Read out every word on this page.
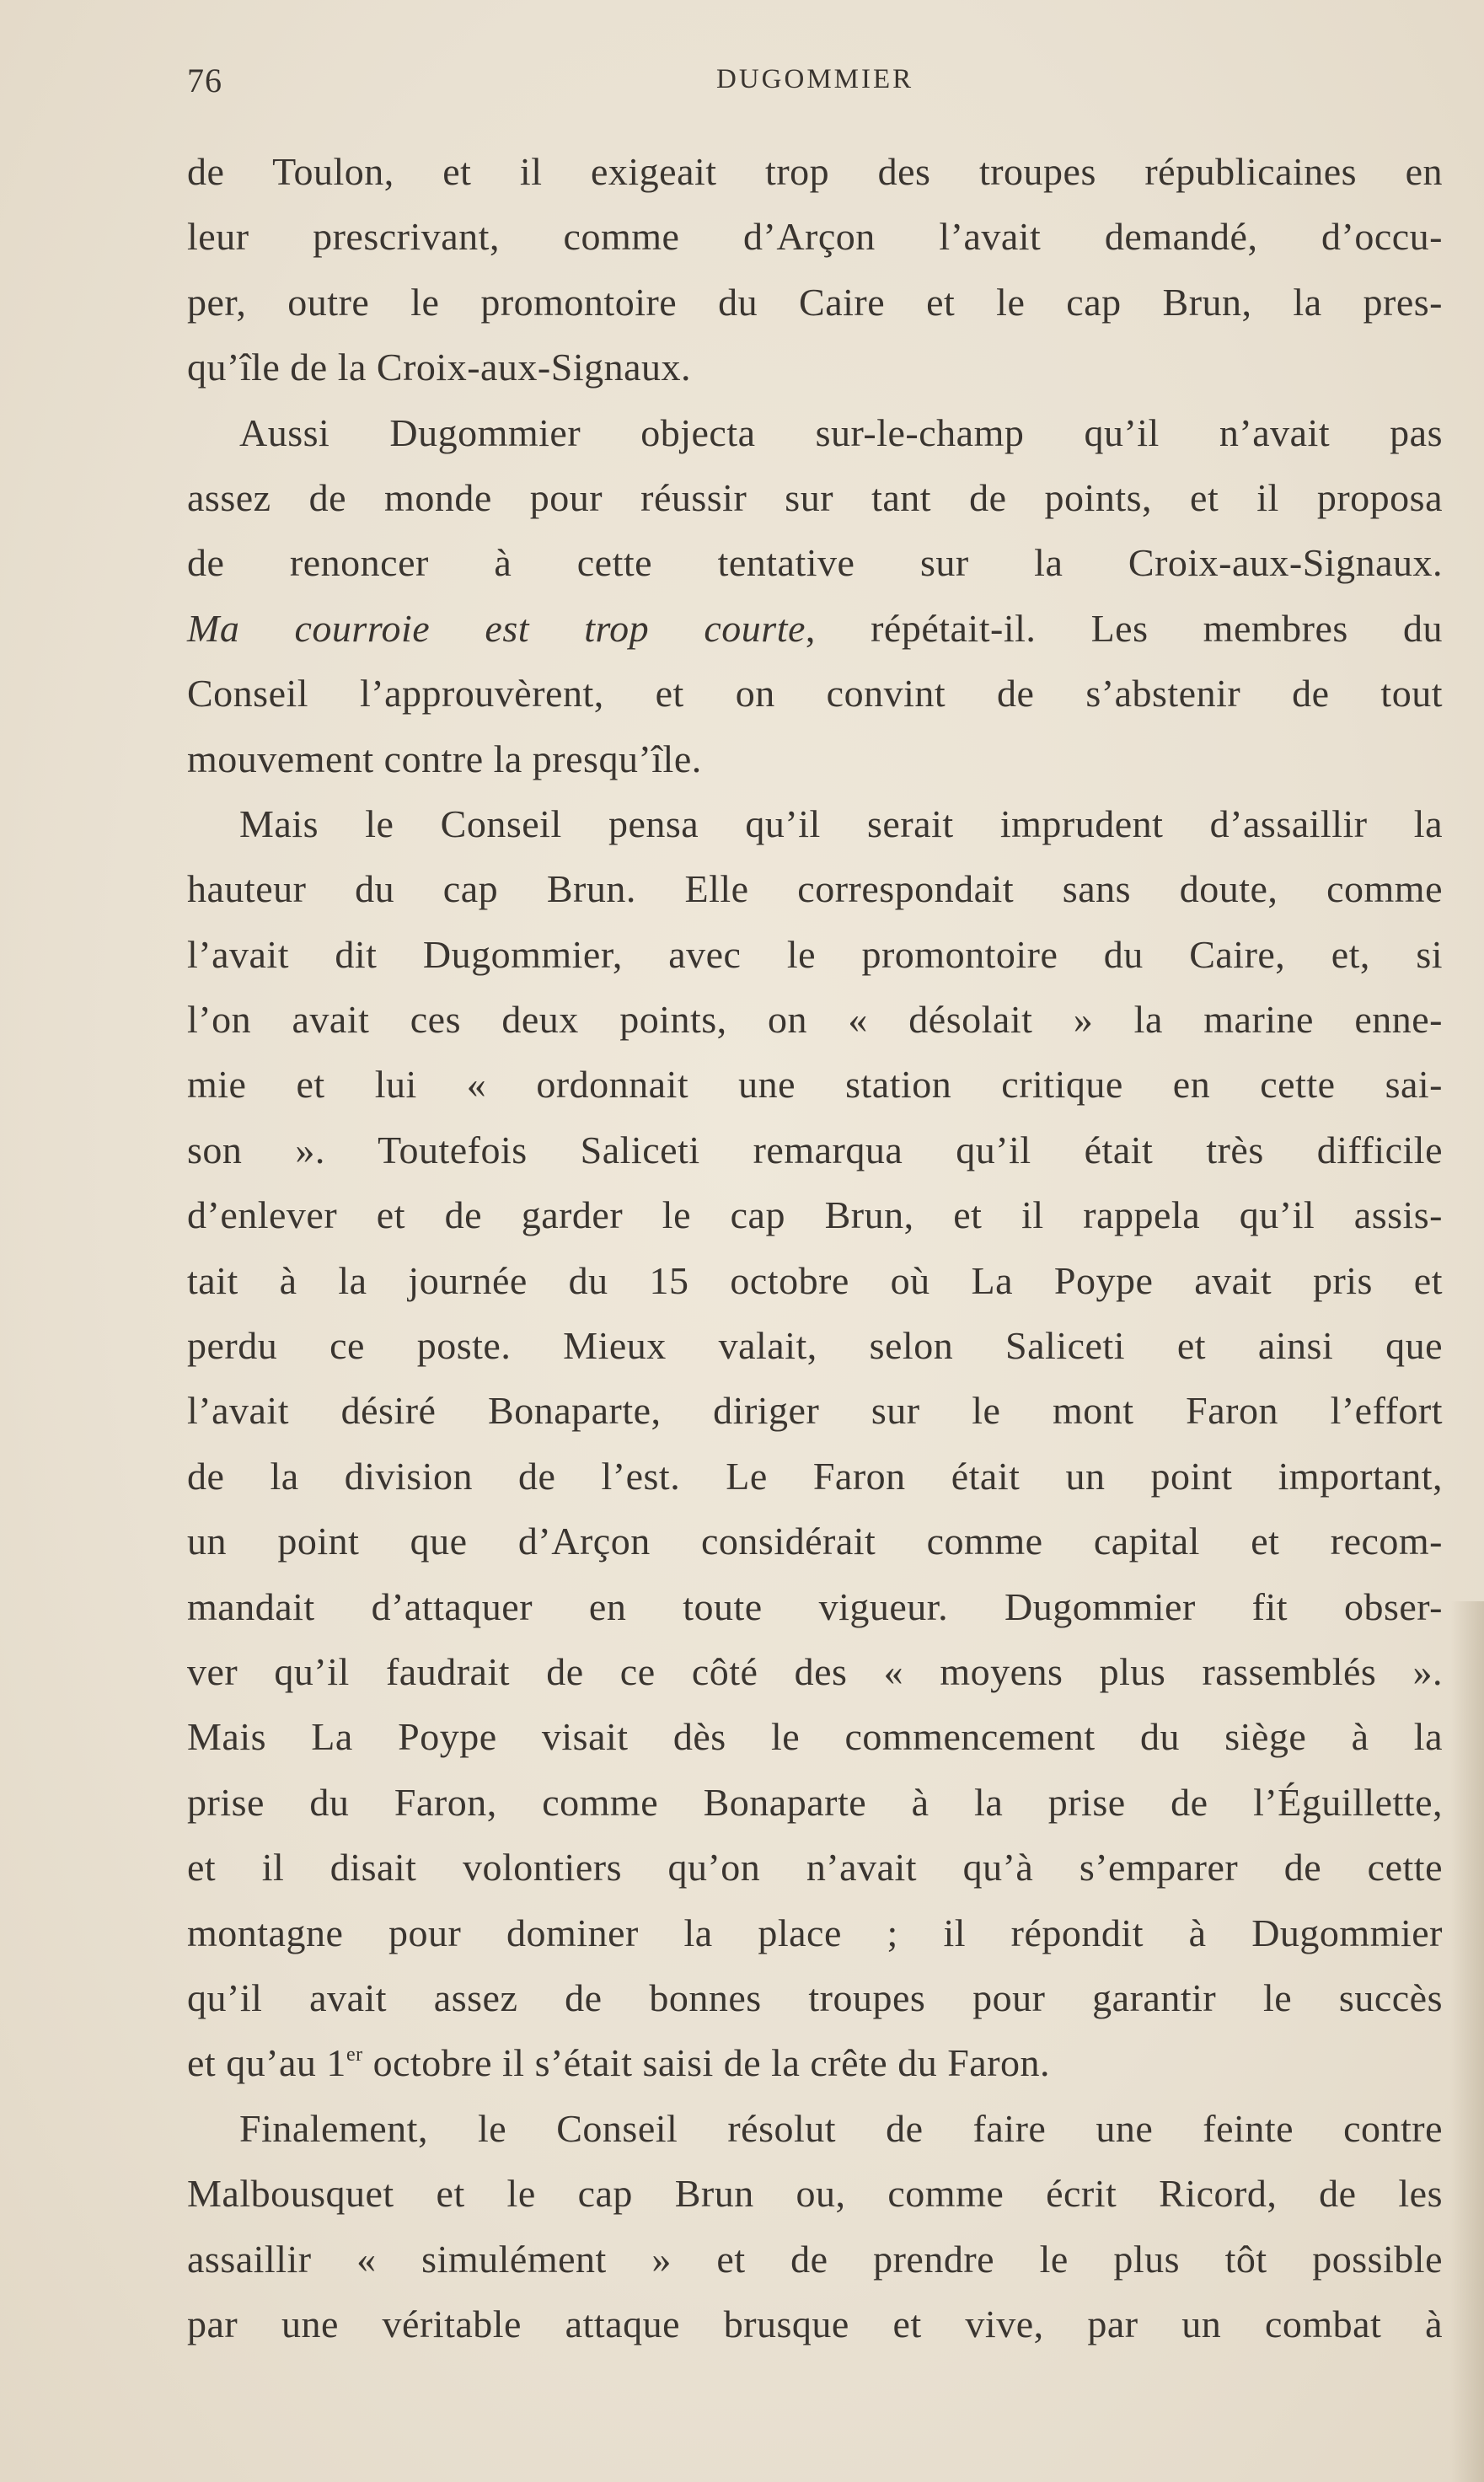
76	DUGOMMIER
de Toulon, et il exigeait trop des troupes républicaines en
leur prescrivant, comme d’Arçon l’avait demandé, d’occu-
per, outre le promontoire du Caire et le cap Brun, la pres-
qu’île de la Croix-aux-Signaux.
Aussi Dugommier objecta sur-le-champ qu’il n’avait pas
assez de monde pour réussir sur tant de points, et il proposa
de renoncer à cette tentative sur la Croix-aux-Signaux.
Ma courroie est trop courte, répétait-il. Les membres du
Conseil l’approuvèrent, et on convint de s’abstenir de tout
mouvement contre la presqu’île.
Mais le Conseil pensa qu’il serait imprudent d’assaillir la
hauteur du cap Brun. Elle correspondait sans doute, comme
l’avait dit Dugommier, avec le promontoire du Caire, et, si
l’on avait ces deux points, on « désolait » la marine enne-
mie et lui « ordonnait une station critique en cette sai-
son ». Toutefois Saliceti remarqua qu’il était très difficile
d’enlever et de garder le cap Brun, et il rappela qu’il assis-
tait à la journée du 15 octobre où La Poype avait pris et
perdu ce poste. Mieux valait, selon Saliceti et ainsi que
l’avait désiré Bonaparte, diriger sur le mont Faron l’effort
de la division de l’est. Le Faron était un point important,
un point que d’Arçon considérait comme capital et recom-
mandait d’attaquer en toute vigueur. Dugommier fit obser-
ver qu’il faudrait de ce côté des « moyens plus rassemblés ».
Mais La Poype visait dès le commencement du siège à la
prise du Faron, comme Bonaparte à la prise de l’Éguillette,
et il disait volontiers qu’on n’avait qu’à s’emparer de cette
montagne pour dominer la place ; il répondit à Dugommier
qu’il avait assez de bonnes troupes pour garantir le succès
et qu’au 1er octobre il s’était saisi de la crête du Faron.
Finalement, le Conseil résolut de faire une feinte contre
Malbousquet et le cap Brun ou, comme écrit Ricord, de les
assaillir « simulément » et de prendre le plus tôt possible
par une véritable attaque brusque et vive, par un combat à
